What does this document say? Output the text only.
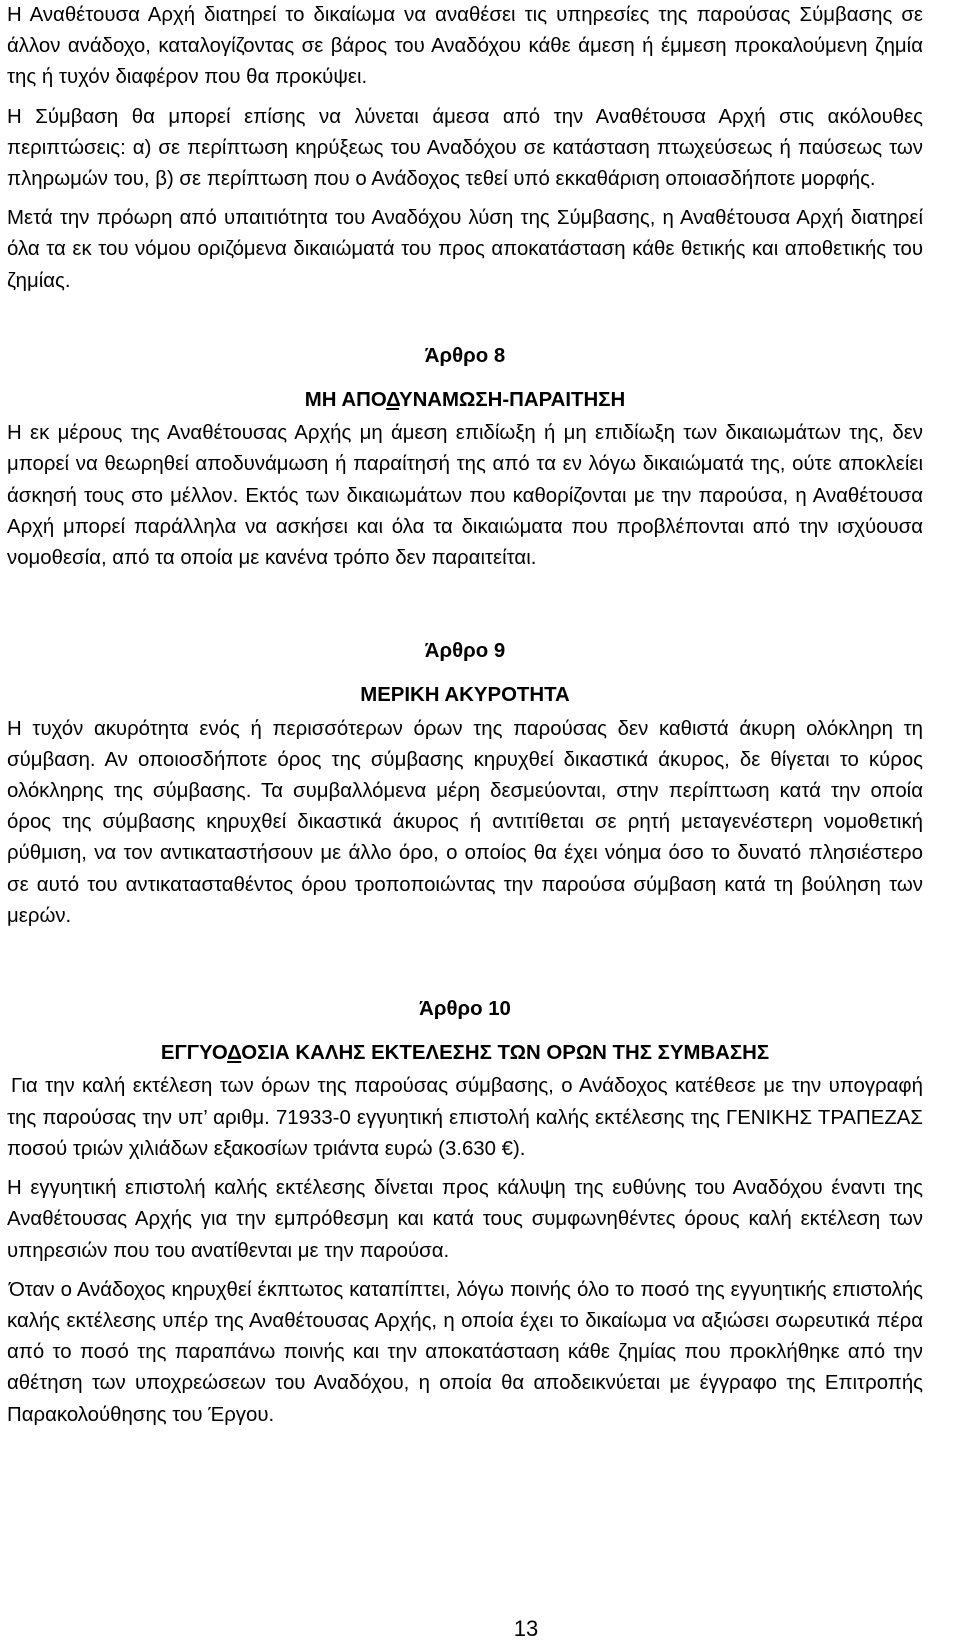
Η Αναθέτουσα Αρχή διατηρεί το δικαίωμα να αναθέσει τις υπηρεσίες της παρούσας Σύμβασης σε άλλον ανάδοχο, καταλογίζοντας σε βάρος του Αναδόχου κάθε άμεση ή έμμεση προκαλούμενη ζημία της ή τυχόν διαφέρον που θα προκύψει.

Η Σύμβαση θα μπορεί επίσης να λύνεται άμεσα από την Αναθέτουσα Αρχή στις ακόλουθες περιπτώσεις: α) σε περίπτωση κηρύξεως του Αναδόχου σε κατάσταση πτωχεύσεως ή παύσεως των πληρωμών του, β) σε περίπτωση που ο Ανάδοχος τεθεί υπό εκκαθάριση οποιασδήποτε μορφής.

Μετά την πρόωρη από υπαιτιότητα του Αναδόχου λύση της Σύμβασης, η Αναθέτουσα Αρχή διατηρεί όλα τα εκ του νόμου οριζόμενα δικαιώματά του προς αποκατάσταση κάθε θετικής και αποθετικής του ζημίας.

Άρθρο 8
ΜΗ ΑΠΟΔΥΝΑΜΩΣΗ-ΠΑΡΑΙΤΗΣΗ

Η εκ μέρους της Αναθέτουσας Αρχής μη άμεση επιδίωξη ή μη επιδίωξη των δικαιωμάτων της, δεν μπορεί να θεωρηθεί αποδυνάμωση ή παραίτησή της από τα εν λόγω δικαιώματά της, ούτε αποκλείει άσκησή τους στο μέλλον. Εκτός των δικαιωμάτων που καθορίζονται με την παρούσα, η Αναθέτουσα Αρχή μπορεί παράλληλα να ασκήσει και όλα τα δικαιώματα που προβλέπονται από την ισχύουσα νομοθεσία, από τα οποία με κανένα τρόπο δεν παραιτείται.

Άρθρο 9
ΜΕΡΙΚΗ ΑΚΥΡΟΤΗΤΑ

Η τυχόν ακυρότητα ενός ή περισσότερων όρων της παρούσας δεν καθιστά άκυρη ολόκληρη τη σύμβαση. Αν οποιοσδήποτε όρος της σύμβασης κηρυχθεί δικαστικά άκυρος, δε θίγεται το κύρος ολόκληρης της σύμβασης. Τα συμβαλλόμενα μέρη δεσμεύονται, στην περίπτωση κατά την οποία όρος της σύμβασης κηρυχθεί δικαστικά άκυρος ή αντιτίθεται σε ρητή μεταγενέστερη νομοθετική ρύθμιση, να τον αντικαταστήσουν με άλλο όρο, ο οποίος θα έχει νόημα όσο το δυνατό πλησιέστερο σε αυτό του αντικατασταθέντος όρου τροποποιώντας την παρούσα σύμβαση κατά τη βούληση των μερών.

Άρθρο 10
ΕΓΓΥΟΔΟΣΙΑ ΚΑΛΗΣ ΕΚΤΕΛΕΣΗΣ ΤΩΝ ΟΡΩΝ ΤΗΣ ΣΥΜΒΑΣΗΣ

Για την καλή εκτέλεση των όρων της παρούσας σύμβασης, ο Ανάδοχος κατέθεσε με την υπογραφή της παρούσας την υπ’ αριθμ. 71933-0 εγγυητική επιστολή καλής εκτέλεσης της ΓΕΝΙΚΗΣ ΤΡΑΠΕΖΑΣ ποσού τριών χιλιάδων εξακοσίων τριάντα ευρώ (3.630 €).

Η εγγυητική επιστολή καλής εκτέλεσης δίνεται προς κάλυψη της ευθύνης του Αναδόχου έναντι της Αναθέτουσας Αρχής για την εμπρόθεσμη και κατά τους συμφωνηθέντες όρους καλή εκτέλεση των υπηρεσιών που του ανατίθενται με την παρούσα.

Όταν ο Ανάδοχος κηρυχθεί έκπτωτος καταπίπτει, λόγω ποινής όλο το ποσό της εγγυητικής επιστολής καλής εκτέλεσης υπέρ της Αναθέτουσας Αρχής, η οποία έχει το δικαίωμα να αξιώσει σωρευτικά πέρα από το ποσό της παραπάνω ποινής και την αποκατάσταση κάθε ζημίας που προκλήθηκε από την αθέτηση των υποχρεώσεων του Αναδόχου, η οποία θα αποδεικνύεται με έγγραφο της Επιτροπής Παρακολούθησης του Έργου.

13
